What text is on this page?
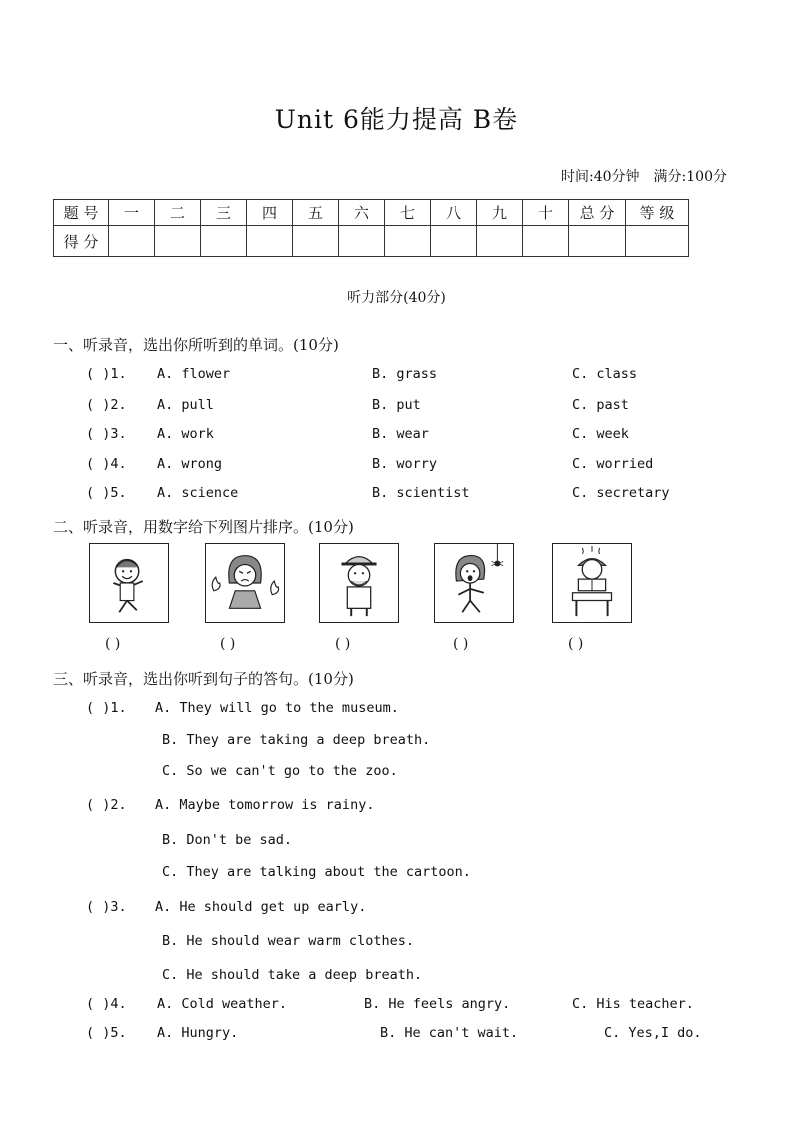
Unit 6能力提高 B卷
时间:40分钟 满分:100分
题 号	一	二	三	四	五	六	七	八	九	十	总 分	等 级
得 分												
听力部分(40分)
一、听录音，选出你所听到的单词。(10分)
( )1. A. flower	B. grass	C. class
( )2. A. pull	B. put	C. past
( )3. A. work	B. wear	C. week
( )4. A. wrong	B. worry	C. worried
( )5. A. science	B. scientist	C. secretary
二、听录音，用数字给下列图片排序。(10分)
( )	( )	( )	( )	( )
三、听录音，选出你听到句子的答句。(10分)
( )1. A. They will go to the museum.
B. They are taking a deep breath.
C. So we can't go to the zoo.
( )2. A. Maybe tomorrow is rainy.
B. Don't be sad.
C. They are talking about the cartoon.
( )3. A. He should get up early.
B. He should wear warm clothes.
C. He should take a deep breath.
( )4. A. Cold weather.	B. He feels angry.	C. His teacher.
( )5. A. Hungry.	B. He can't wait.	C. Yes,I do.
